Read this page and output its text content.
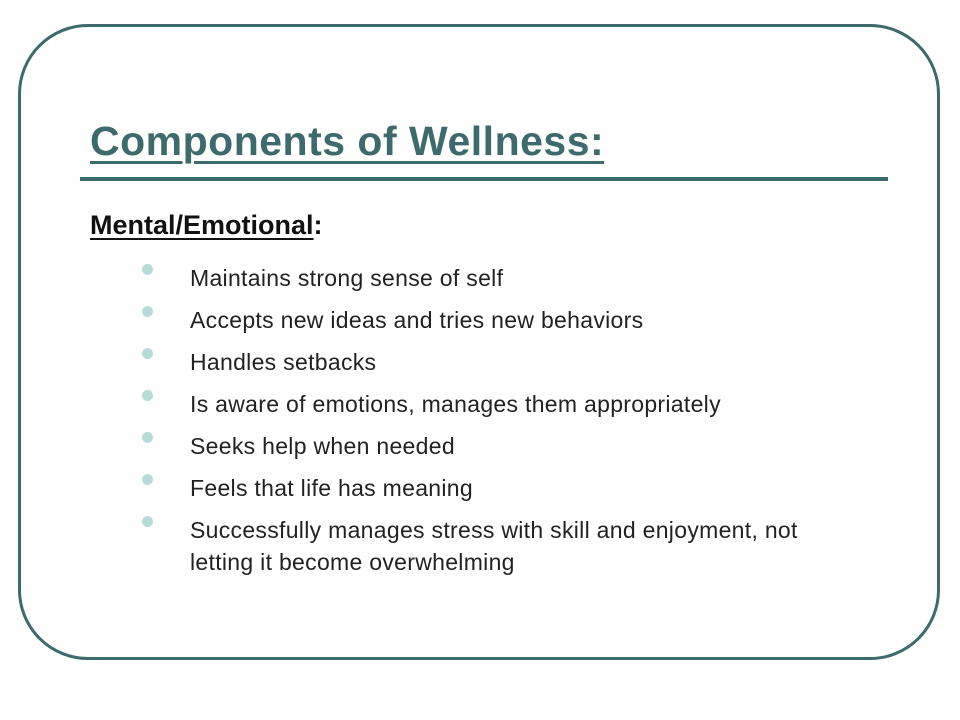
Components of Wellness:
Mental/Emotional:
Maintains strong sense of self
Accepts new ideas and tries new behaviors
Handles setbacks
Is aware of emotions, manages them appropriately
Seeks help when needed
Feels that life has meaning
Successfully manages stress with skill and enjoyment, not letting it become overwhelming
